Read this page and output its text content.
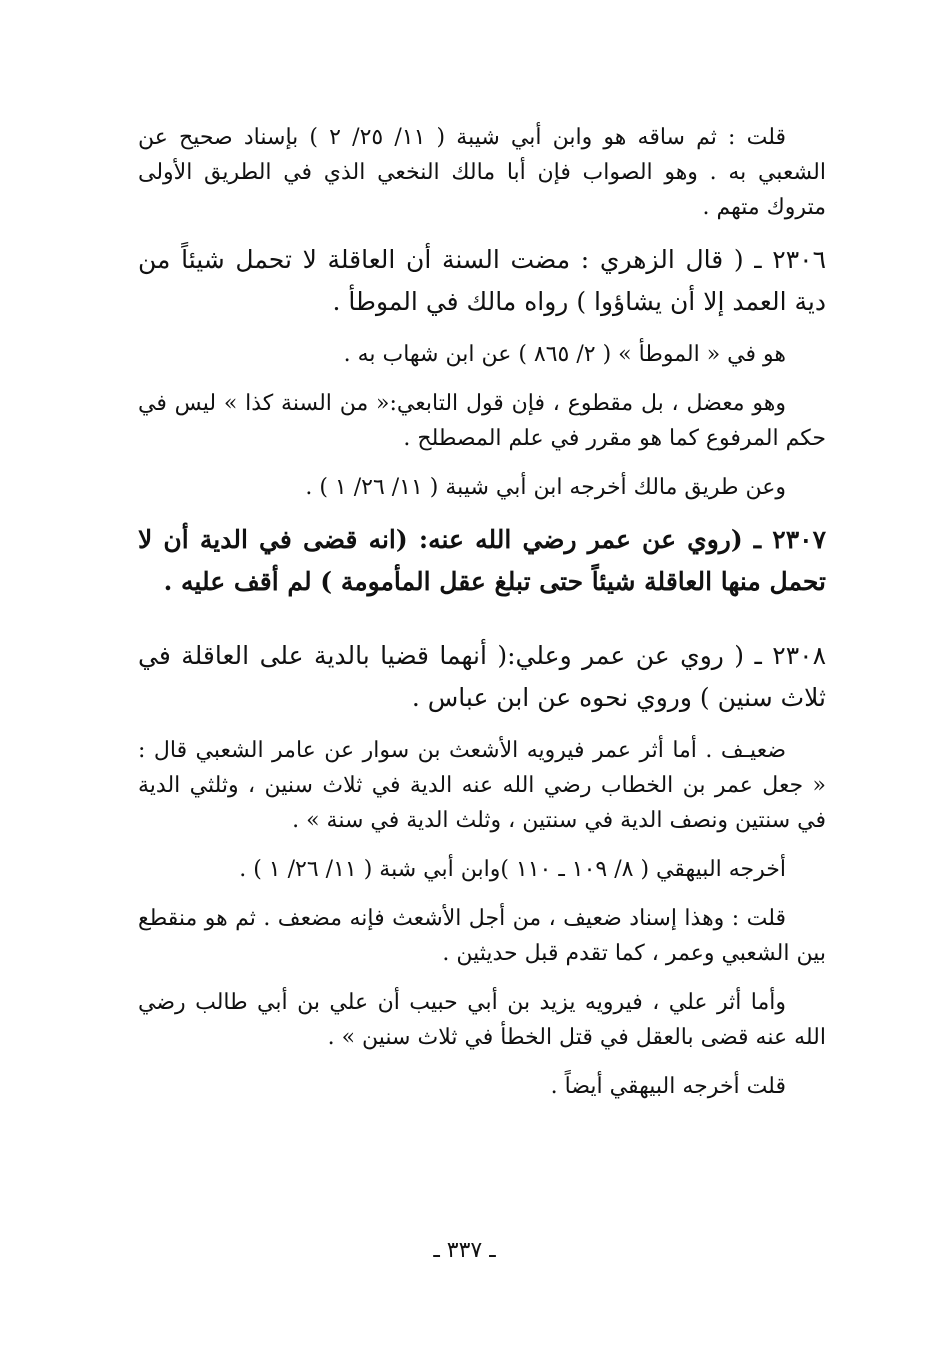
قلت : ثم ساقه هو وابن أبي شيبة ( ١١/ ٢٥/ ٢ ) بإسناد صحيح عن الشعبي به . وهو الصواب فإن أبا مالك النخعي الذي في الطريق الأولى متروك متهم .

٢٣٠٦ ـ ( قال الزهري : مضت السنة أن العاقلة لا تحمل شيئاً من دية العمد إلا أن يشاؤوا ) رواه مالك في الموطأ .

هو في « الموطأ » ( ٢/ ٨٦٥ ) عن ابن شهاب به .

وهو معضل ، بل مقطوع ، فإن قول التابعي:« من السنة كذا » ليس في حكم المرفوع كما هو مقرر في علم المصطلح .

وعن طريق مالك أخرجه ابن أبي شيبة ( ١١/ ٢٦/ ١ ) .

٢٣٠٧ ـ (روي عن عمر رضي الله عنه: (انه قضى في الدية أن لا تحمل منها العاقلة شيئاً حتى تبلغ عقل المأمومة ) لم أقف عليه .

٢٣٠٨ ـ ( روي عن عمر وعلي:( أنهما قضيا بالدية على العاقلة في ثلاث سنين ) وروي نحوه عن ابن عباس .

ضعيـف . أما أثر عمر فيرويه الأشعث بن سوار عن عامر الشعبي قال : « جعل عمر بن الخطاب رضي الله عنه الدية في ثلاث سنين ، وثلثي الدية في سنتين ونصف الدية في سنتين ، وثلث الدية في سنة » .

أخرجه البيهقي ( ٨/ ١٠٩ ـ ١١٠ )وابن أبي شبة ( ١١/ ٢٦/ ١ ) .

قلت : وهذا إسناد ضعيف ، من أجل الأشعث فإنه مضعف . ثم هو منقطع بين الشعبي وعمر ، كما تقدم قبل حديثين .

وأما أثر علي ، فيرويه يزيد بن أبي حبيب أن علي بن أبي طالب رضي الله عنه قضى بالعقل في قتل الخطأ في ثلاث سنين » .

قلت أخرجه البيهقي أيضاً .

ـ ٣٣٧ ـ
